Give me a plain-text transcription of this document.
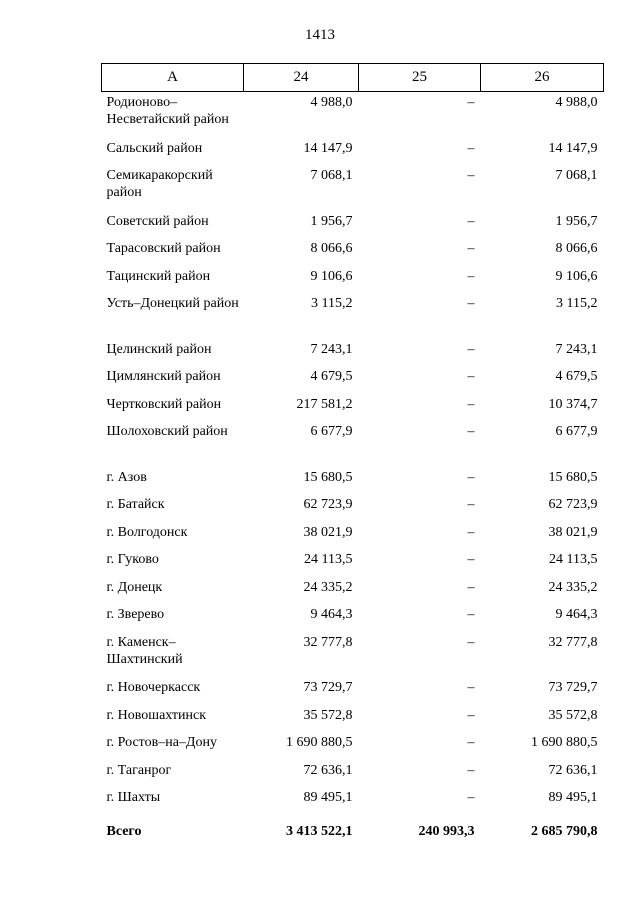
1413
А	24	25	26
Родионово–Несветайский район	4 988,0	–	4 988,0
Сальский район	14 147,9	–	14 147,9
Семикаракорский район	7 068,1	–	7 068,1
Советский район	1 956,7	–	1 956,7
Тарасовский район	8 066,6	–	8 066,6
Тацинский район	9 106,6	–	9 106,6
Усть–Донецкий район	3 115,2	–	3 115,2
Целинский район	7 243,1	–	7 243,1
Цимлянский район	4 679,5	–	4 679,5
Чертковский район	217 581,2	–	10 374,7
Шолоховский район	6 677,9	–	6 677,9
г. Азов	15 680,5	–	15 680,5
г. Батайск	62 723,9	–	62 723,9
г. Волгодонск	38 021,9	–	38 021,9
г. Гуково	24 113,5	–	24 113,5
г. Донецк	24 335,2	–	24 335,2
г. Зверево	9 464,3	–	9 464,3
г. Каменск–Шахтинский	32 777,8	–	32 777,8
г. Новочеркасск	73 729,7	–	73 729,7
г. Новошахтинск	35 572,8	–	35 572,8
г. Ростов–на–Дону	1 690 880,5	–	1 690 880,5
г. Таганрог	72 636,1	–	72 636,1
г. Шахты	89 495,1	–	89 495,1
Всего	3 413 522,1	240 993,3	2 685 790,8
